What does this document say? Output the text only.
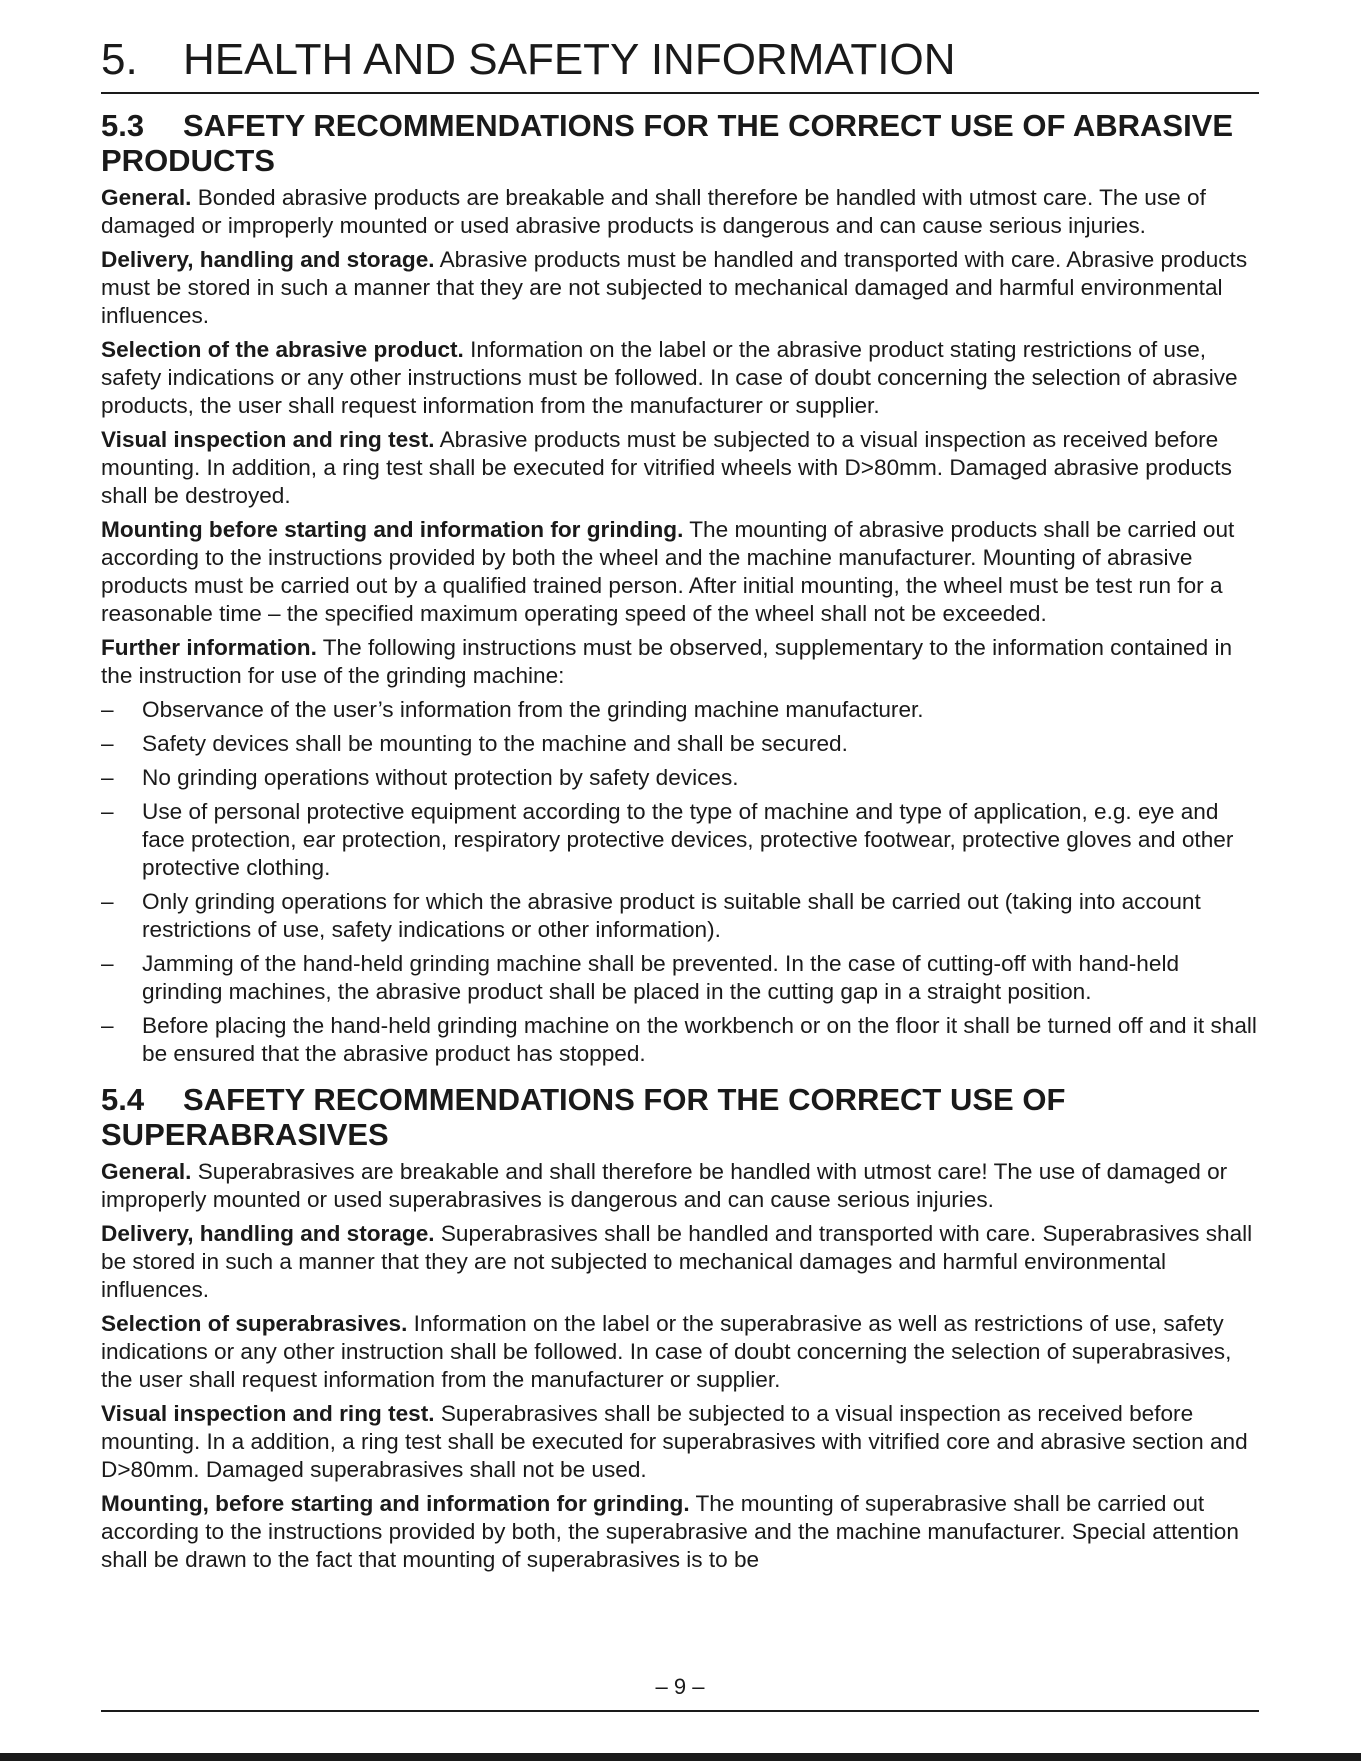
5.	HEALTH AND SAFETY INFORMATION
5.3 SAFETY RECOMMENDATIONS FOR THE CORRECT USE OF ABRASIVE PRODUCTS

General. Bonded abrasive products are breakable and shall therefore be handled with utmost care. The use of damaged or improperly mounted or used abrasive products is dangerous and can cause serious injuries.

Delivery, handling and storage. Abrasive products must be handled and transported with care. Abrasive products must be stored in such a manner that they are not subjected to mechanical damaged and harmful environmental influences.

Selection of the abrasive product. Information on the label or the abrasive product stating restrictions of use, safety indications or any other instructions must be followed. In case of doubt concerning the selection of abrasive products, the user shall request information from the manufacturer or supplier.

Visual inspection and ring test. Abrasive products must be subjected to a visual inspection as received before mounting. In addition, a ring test shall be executed for vitrified wheels with D>80mm. Damaged abrasive products shall be destroyed.

Mounting before starting and information for grinding. The mounting of abrasive products shall be carried out according to the instructions provided by both the wheel and the machine manufacturer. Mounting of abrasive products must be carried out by a qualified trained person. After initial mounting, the wheel must be test run for a reasonable time – the specified maximum operating speed of the wheel shall not be exceeded.

Further information. The following instructions must be observed, supplementary to the information contained in the instruction for use of the grinding machine:

– Observance of the user’s information from the grinding machine manufacturer.
– Safety devices shall be mounting to the machine and shall be secured.
– No grinding operations without protection by safety devices.
– Use of personal protective equipment according to the type of machine and type of application, e.g. eye and face protection, ear protection, respiratory protective devices, protective footwear, protective gloves and other protective clothing.
– Only grinding operations for which the abrasive product is suitable shall be carried out (taking into account restrictions of use, safety indications or other information).
– Jamming of the hand-held grinding machine shall be prevented. In the case of cutting-off with hand-held grinding machines, the abrasive product shall be placed in the cutting gap in a straight position.
– Before placing the hand-held grinding machine on the workbench or on the floor it shall be turned off and it shall be ensured that the abrasive product has stopped.
5.4 SAFETY RECOMMENDATIONS FOR THE CORRECT USE OF SUPERABRASIVES

General. Superabrasives are breakable and shall therefore be handled with utmost care! The use of damaged or improperly mounted or used superabrasives is dangerous and can cause serious injuries.

Delivery, handling and storage. Superabrasives shall be handled and transported with care. Superabrasives shall be stored in such a manner that they are not subjected to mechanical damages and harmful environmental influences.

Selection of superabrasives. Information on the label or the superabrasive as well as restrictions of use, safety indications or any other instruction shall be followed. In case of doubt concerning the selection of superabrasives, the user shall request information from the manufacturer or supplier.

Visual inspection and ring test. Superabrasives shall be subjected to a visual inspection as received before mounting. In a addition, a ring test shall be executed for superabrasives with vitrified core and abrasive section and D>80mm. Damaged superabrasives shall not be used.

Mounting, before starting and information for grinding. The mounting of superabrasive shall be carried out according to the instructions provided by both, the superabrasive and the machine manufacturer. Special attention shall be drawn to the fact that mounting of superabrasives is to be

– 9 –
